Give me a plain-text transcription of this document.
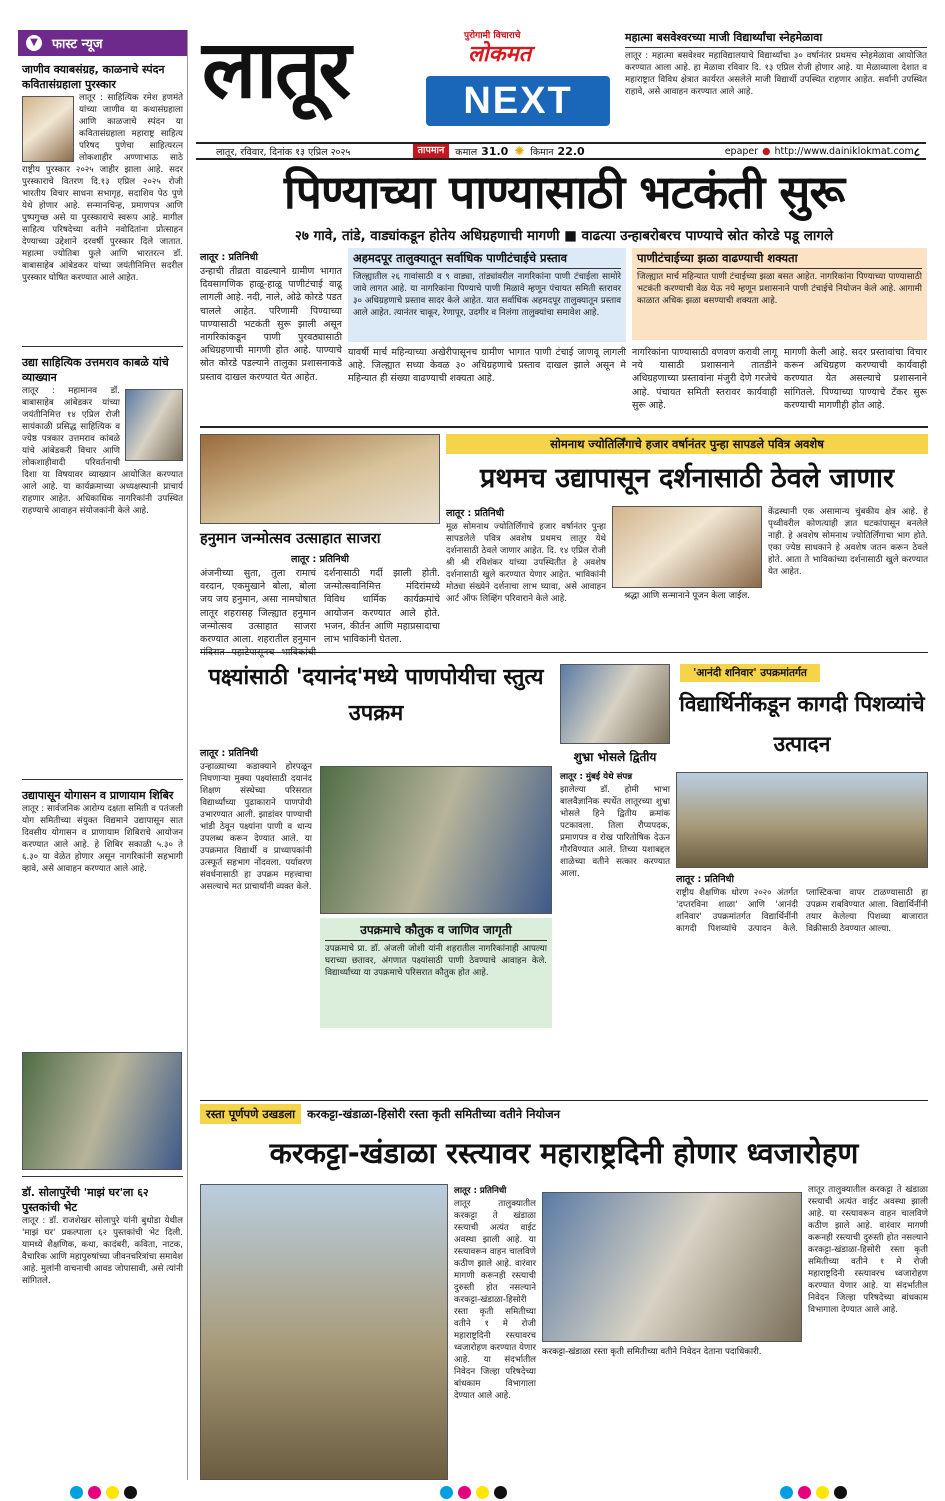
▼	फास्ट न्यूज
जाणीव क्याबसंग्रह, काळनाचे स्पंदन कवितासंग्रहाला पुरस्कार
लातूर : साहित्यिक रमेश हणमंते यांच्या जाणीव या कथासंग्रहाला आणि काळजाचे स्पंदन या कवितासंग्रहाला महाराष्ट्र साहित्य परिषद पुणेचा साहित्यरत्न लोकशाहीर अण्णाभाऊ साठे राष्ट्रीय पुरस्कार २०२५ जाहीर झाला आहे. सदर पुरस्काराचे वितरण दि.१३ एप्रिल २०२५ रोजी भारतीय विचार साधना सभागृह, सदाशिव पेठ पुणे येथे होणार आहे. सन्मानचिन्ह, प्रमाणपत्र आणि पुष्पगुच्छ असे या पुरस्काराचे स्वरूप आहे. मागील साहित्य परिषदेच्या वतीने नवोदितांना प्रोत्साहन देण्याच्या उद्देशाने दरवर्षी पुरस्कार दिले जातात. महात्मा ज्योतिबा फुले आणि भारतरत्न डॉ. बाबासाहेब आंबेडकर यांच्या जयंतीनिमित्त सदरील पुरस्कार घोषित करण्यात आले आहेत.
उद्या साहित्यिक उत्तमराव काबळे यांचे व्याख्यान
लातूर : महामानव डॉ. बाबासाहेब आंबेडकर यांच्या जयंतीनिमित्त १४ एप्रिल रोजी सायंकाळी प्रसिद्ध साहित्यिक व ज्येष्ठ पत्रकार उत्तमराव कांबळे यांचे आंबेडकरी विचार आणि लोकशाहीवादी परिवर्तनाची दिशा या विषयावर व्याख्यान आयोजित करण्यात आले आहे. या कार्यक्रमाच्या अध्यक्षस्थानी प्राचार्य राहणार आहेत. अधिकाधिक नागरिकांनी उपस्थित राहण्याचे आवाहन संयोजकांनी केले आहे.
उद्यापासून योगासन व प्राणायाम शिबिर
लातूर : सार्वजनिक आरोग्य दक्षता समिती व पतंजली योग समितीच्या संयुक्त विद्यमाने उद्यापासून सात दिवसीय योगासन व प्राणायाम शिबिराचे आयोजन करण्यात आले आहे. हे शिबिर सकाळी ५.३० ते ६.३० या वेळेत होणार असून नागरिकांनी सहभागी व्हावे, असे आवाहन करण्यात आले आहे.
डॉ. सोलापुरेंची 'माझं घर'ला ६२ पुस्तकांची भेट
लातूर : डॉ. राजशेखर सोलापुरे यांनी बुधोडा येथील 'माझं घर' प्रकल्पाला ६२ पुस्तकांची भेट दिली. यामध्ये शैक्षणिक, कथा, कादंबरी, कविता, नाटक, वैचारिक आणि महापुरुषांच्या जीवनचरित्रांचा समावेश आहे. मुलांनी वाचनाची आवड जोपासावी, असे त्यांनी सांगितले.
लातूर	पुरोगामी विचाराचे
लोकमत
NEXT
लातूर, रविवार, दिनांक १३ एप्रिल २०२५	तापमान	कमाल 31.0 ✺ किमान 22.0	epaper ● http://www.dainiklokmat.com ८
महात्मा बसवेश्वरच्या माजी विद्यार्थ्यांचा स्नेहमेळावा
लातूर : महात्मा बसवेश्वर महाविद्यालयाचे विद्यार्थ्यांचा ३० वर्षानंतर प्रथमच स्नेहमेळावा आयोजित करण्यात आला आहे. हा मेळावा रविवार दि. १३ एप्रिल रोजी होणार आहे. या मेळाव्याला देशात व महाराष्ट्रात विविध क्षेत्रात कार्यरत असलेले माजी विद्यार्थी उपस्थित राहणार आहेत. सर्वांनी उपस्थित राहावे, असे आवाहन करण्यात आले आहे.
पिण्याच्या पाण्यासाठी भटकंती सुरू
२७ गावे, तांडे, वाड्यांकडून होतेय अधिग्रहणाची मागणी ■ वाढत्या उन्हाबरोबरच पाण्याचे स्रोत कोरडे पडू लागले
लातूर : प्रतिनिधी
उन्हाची तीव्रता वाढल्याने ग्रामीण भागात दिवसागणिक हाळू-हाळू पाणीटंचाई वाढू लागली आहे. नदी, नाले, ओढे कोरडे पडत चालले आहेत. परिणामी पिण्याच्या पाण्यासाठी भटकंती सुरू झाली असून नागरिकांकडून पाणी पुरवठ्यासाठी अधिग्रहणाची मागणी होत आहे. पाण्याचे स्रोत कोरडे पडल्याने तालुका प्रशासनाकडे प्रस्ताव दाखल करण्यात येत आहेत.
अहमदपूर तालुक्यातून सर्वाधिक पाणीटंचाईचे प्रस्ताव
जिल्ह्यातील २६ गावांसाठी व ९ वाड्या, तांड्यांवरील नागरिकांना पाणी टंचाईला सामोरे जावे लागत आहे. या नागरिकांना पिण्याचे पाणी मिळावे म्हणून पंचायत समिती स्तरावर ३० अधिग्रहणाचे प्रस्ताव सादर केले आहेत. यात सर्वाधिक अहमदपूर तालुक्यातून प्रस्ताव आले आहेत. त्यानंतर चाकूर, रेणापूर, उदगीर व निलंगा तालुक्यांचा समावेश आहे.
यावर्षी मार्च महिन्याच्या अखेरीपासूनच ग्रामीण भागात पाणी टंचाई जाणवू लागली आहे. जिल्ह्यात सध्या केवळ ३० अधिग्रहणाचे प्रस्ताव दाखल झाले असून मे महिन्यात ही संख्या वाढण्याची शक्यता आहे.
पाणीटंचाईच्या झळा वाढण्याची शक्यता
जिल्ह्यात मार्च महिन्यात पाणी टंचाईच्या झळा बसत आहेत. नागरिकांना पिण्याच्या पाण्यासाठी भटकंती करण्याची वेळ येऊ नये म्हणून प्रशासनाने पाणी टंचाईचे नियोजन केले आहे. आगामी काळात अधिक झळा बसण्याची शक्यता आहे.
नागरिकांना पाण्यासाठी वणवण करावी लागू नये यासाठी प्रशासनाने तातडीने अधिग्रहणाच्या प्रस्तावांना मंजुरी देणे गरजेचे आहे. पंचायत समिती स्तरावर कार्यवाही सुरू आहे.
मागणी केली आहे. सदर प्रस्तावांचा विचार करून अधिग्रहण करण्याची कार्यवाही करण्यात येत असल्याचे प्रशासनाने सांगितले. पिण्याच्या पाण्याचे टँकर सुरू करण्याची मागणीही होत आहे.
हनुमान जन्मोत्सव उत्साहात साजरा
लातूर : प्रतिनिधी
अंजनीच्या सुता, तुला रामाचं वरदान, एकमुखाने बोला, बोला जय जय हनुमान, असा नामघोषात लातूर शहरासह जिल्ह्यात हनुमान जन्मोत्सव उत्साहात साजरा करण्यात आला. शहरातील हनुमान दर्शनासाठी गर्दी झाली होती. जन्मोत्सवानिमित्त मंदिरांमध्ये विविध धार्मिक कार्यक्रमांचे आयोजन करण्यात आले होते. भजन, कीर्तन आणि महाप्रसादाचा लाभ भाविकांनी घेतला.
सोमनाथ ज्योतिर्लिंगाचे हजार वर्षानंतर पुन्हा सापडले पवित्र अवशेष
प्रथमच उद्यापासून दर्शनासाठी ठेवले जाणार
लातूर : प्रतिनिधी
मूळ सोमनाथ ज्योतिर्लिंगाचे हजार वर्षानंतर पुन्हा सापडलेले पवित्र अवशेष प्रथमच लातूर येथे दर्शनासाठी ठेवले जाणार आहेत. दि. १४ एप्रिल रोजी श्री श्री रविशंकर यांच्या उपस्थितीत हे अवशेष दर्शनासाठी खुले करण्यात येणार आहेत. भाविकांनी मोठ्या संख्येने दर्शनाचा लाभ घ्यावा, असे आवाहन आर्ट ऑफ लिव्हिंग परिवाराने केले आहे.	श्रद्धा आणि सन्मानाने पूजन केला जाईल.
केंद्रस्थानी एक असामान्य चुंबकीय क्षेत्र आहे. हे पृथ्वीवरील कोणत्याही ज्ञात घटकांपासून बनलेले नाही. हे अवशेष सोमनाथ ज्योतिर्लिंगाचा भाग होते. एका ज्येष्ठ साधकाने हे अवशेष जतन करून ठेवले होते. आता ते भाविकांच्या दर्शनासाठी खुले करण्यात येत आहेत.
पक्ष्यांसाठी 'दयानंद'मध्ये पाणपोयीचा स्तुत्य उपक्रम
लातूर : प्रतिनिधी
उन्हाळ्याच्या कडाक्याने होरपळून निघणाऱ्या मुक्या पक्ष्यांसाठी दयानंद शिक्षण संस्थेच्या परिसरात विद्यार्थ्यांच्या पुढाकाराने पाणपोयी उभारण्यात आली. झाडांवर पाण्याची भांडी ठेवून पक्ष्यांना पाणी व धान्य उपलब्ध करून देण्यात आले. या उपक्रमात विद्यार्थी व प्राध्यापकांनी उत्स्फूर्त सहभाग नोंदवला. पर्यावरण संवर्धनासाठी हा उपक्रम महत्त्वाचा असल्याचे मत प्राचार्यांनी व्यक्त केले.
उपक्रमाचे कौतुक व जाणिव जागृती
उपक्रमाचे प्रा. डॉ. अंजली जोशी यांनी शहरातील नागरिकांनाही आपल्या घराच्या छतावर, अंगणात पक्ष्यांसाठी पाणी ठेवण्याचे आवाहन केले. विद्यार्थ्यांच्या या उपक्रमाचे परिसरात कौतुक होत आहे.
शुभ्रा भोसले द्वितीय
लातूर : मुंबई येथे संपन्न
झालेल्या डॉ. होमी भाभा बालवैज्ञानिक स्पर्धेत लातूरच्या शुभ्रा भोसले हिने द्वितीय क्रमांक पटकावला. तिला रौप्यपदक, प्रमाणपत्र व रोख पारितोषिक देऊन गौरविण्यात आले. तिच्या यशाबद्दल शाळेच्या वतीने सत्कार करण्यात आला.
'आनंदी शनिवार' उपक्रमांतर्गत
विद्यार्थिनींकडून कागदी पिशव्यांचे उत्पादन
लातूर : प्रतिनिधी
राष्ट्रीय शैक्षणिक धोरण २०२० अंतर्गत 'दप्तरविना शाळा' आणि 'आनंदी शनिवार' उपक्रमांतर्गत विद्यार्थिनींनी कागदी पिशव्यांचे उत्पादन केले. प्लास्टिकचा वापर टाळण्यासाठी हा उपक्रम राबविण्यात आला. विद्यार्थिनींनी तयार केलेल्या पिशव्या बाजारात विक्रीसाठी ठेवण्यात आल्या.
रस्ता पूर्णपणे उखडला	करकट्टा-खंडाळा-हिसोरी रस्ता कृती समितीच्या वतीने नियोजन
करकट्टा-खंडाळा रस्त्यावर महाराष्ट्रदिनी होणार ध्वजारोहण
लातूर : प्रतिनिधी
लातूर तालुक्यातील करकट्टा ते खंडाळा रस्त्याची अत्यंत वाईट अवस्था झाली आहे. या रस्त्यावरून वाहन चालविणे कठीण झाले आहे. वारंवार मागणी करूनही रस्त्याची दुरुस्ती होत नसल्याने करकट्टा-खंडाळा-हिसोरी रस्ता कृती समितीच्या वतीने १ मे रोजी महाराष्ट्रदिनी रस्त्यावरच ध्वजारोहण करण्यात येणार आहे. या संदर्भातील निवेदन जिल्हा परिषदेच्या बांधकाम विभागाला देण्यात आले आहे.
करकट्टा-खंडाळा रस्ता कृती समितीच्या वतीने निवेदन देताना पदाधिकारी.
लातूर तालुक्यातील करकट्टा ते खंडाळा रस्त्याची अत्यंत वाईट अवस्था झाली आहे. या रस्त्यावरून वाहन चालविणे कठीण झाले आहे. वारंवार मागणी करूनही रस्त्याची दुरुस्ती होत नसल्याने करकट्टा-खंडाळा-हिसोरी रस्ता कृती समितीच्या वतीने १ मे रोजी महाराष्ट्रदिनी रस्त्यावरच ध्वजारोहण करण्यात येणार आहे. या संदर्भातील निवेदन जिल्हा परिषदेच्या बांधकाम विभागाला देण्यात आले आहे.
